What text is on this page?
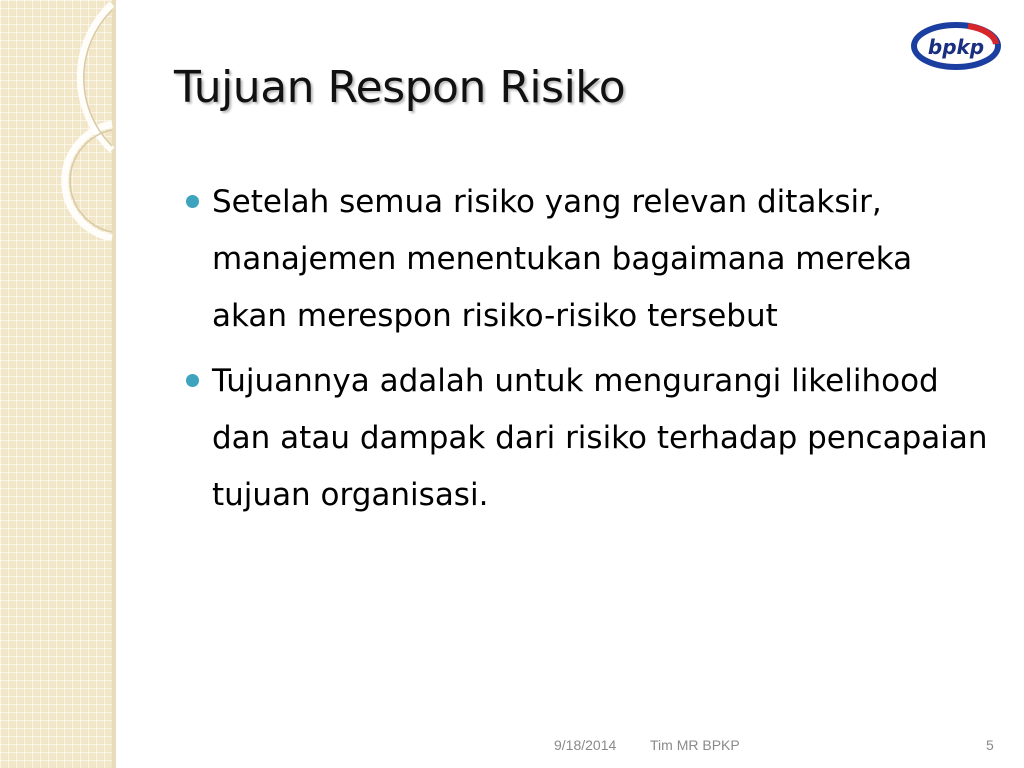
bpkp
Tujuan Respon Risiko
Setelah semua risiko yang relevan ditaksir, manajemen menentukan bagaimana mereka akan merespon risiko-risiko tersebut
Tujuannya adalah untuk mengurangi likelihood dan atau dampak dari risiko terhadap pencapaian tujuan organisasi.
9/18/2014 Tim MR BPKP	5
